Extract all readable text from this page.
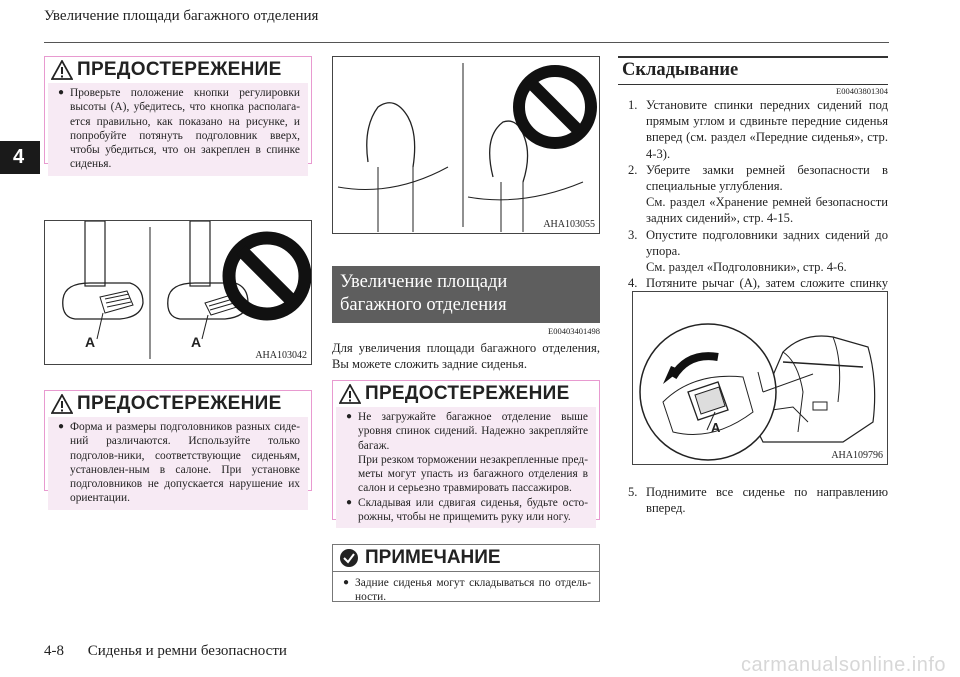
Увеличение площади багажного отделения
4
ПРЕДОСТЕРЕЖЕНИЕ
● Проверьте положение кнопки регулировки высоты (A), убедитесь, что кнопка располага-ется правильно, как показано на рисунке, и попробуйте потянуть подголовник вверх, чтобы убедиться, что он закреплен в спинке сиденья.
A	A
AHA103042
ПРЕДОСТЕРЕЖЕНИЕ
● Форма и размеры подголовников разных сиде-ний различаются. Используйте только подголов-ники, соответствующие сиденьям, установлен-ным в салоне. При установке подголовников не допускается нарушение их ориентации.
AHA103055
Увеличение площади
багажного отделения
E00403401498
Для увеличения площади багажного отделения, Вы можете сложить задние сиденья.
ПРЕДОСТЕРЕЖЕНИЕ
● Не загружайте багажное отделение выше уровня спинок сидений. Надежно закрепляйте багаж.
При резком торможении незакрепленные пред-меты могут упасть из багажного отделения в салон и серьезно травмировать пассажиров.
● Складывая или сдвигая сиденья, будьте осто-рожны, чтобы не прищемить руку или ногу.
ПРИМЕЧАНИЕ
● Задние сиденья могут складываться по отдель-ности.
Складывание
E00403801304
1. Установите спинки передних сидений под прямым углом и сдвиньте передние сиденья вперед (см. раздел «Передние сиденья», стр. 4-3).
2. Уберите замки ремней безопасности в специальные углубления.
См. раздел «Хранение ремней безопасности задних сидений», стр. 4-15.
3. Опустите подголовники задних сидений до упора.
См. раздел «Подголовники», стр. 4-6.
4. Потяните рычаг (A), затем сложите спинку
A
AHA109796
5. Поднимите все сиденье по направлению вперед.
4-8 Сиденья и ремни безопасности
carmanualsonline.info
